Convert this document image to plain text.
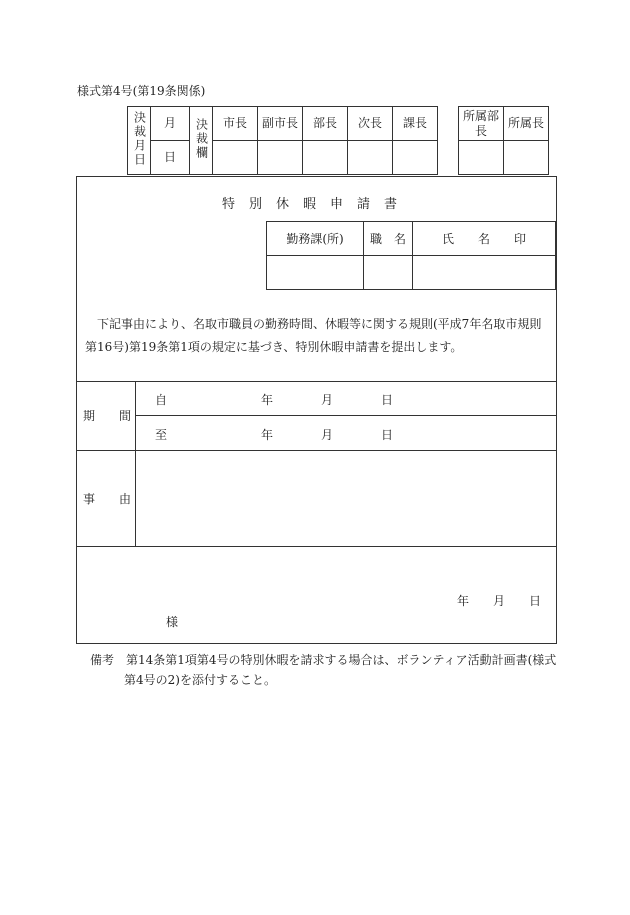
様式第4号(第19条関係)
決裁月日	月	決裁欄	市長	副市長	部長	次長	課長		所属部長	所属長
	日									
特別休暇申請書
勤務課(所)	職　名	氏　　名　　印

下記事由により、名取市職員の勤務時間、休暇等に関する規則(平成7年名取市規則第16号)第19条第1項の規定に基づき、特別休暇申請書を提出します。
期　　間
自	年	月	日
至	年	月	日
事　　由
年 月 日
様
備考 第14条第1項第4号の特別休暇を請求する場合は、ボランティア活動計画書(様式
第4号の2)を添付すること。
